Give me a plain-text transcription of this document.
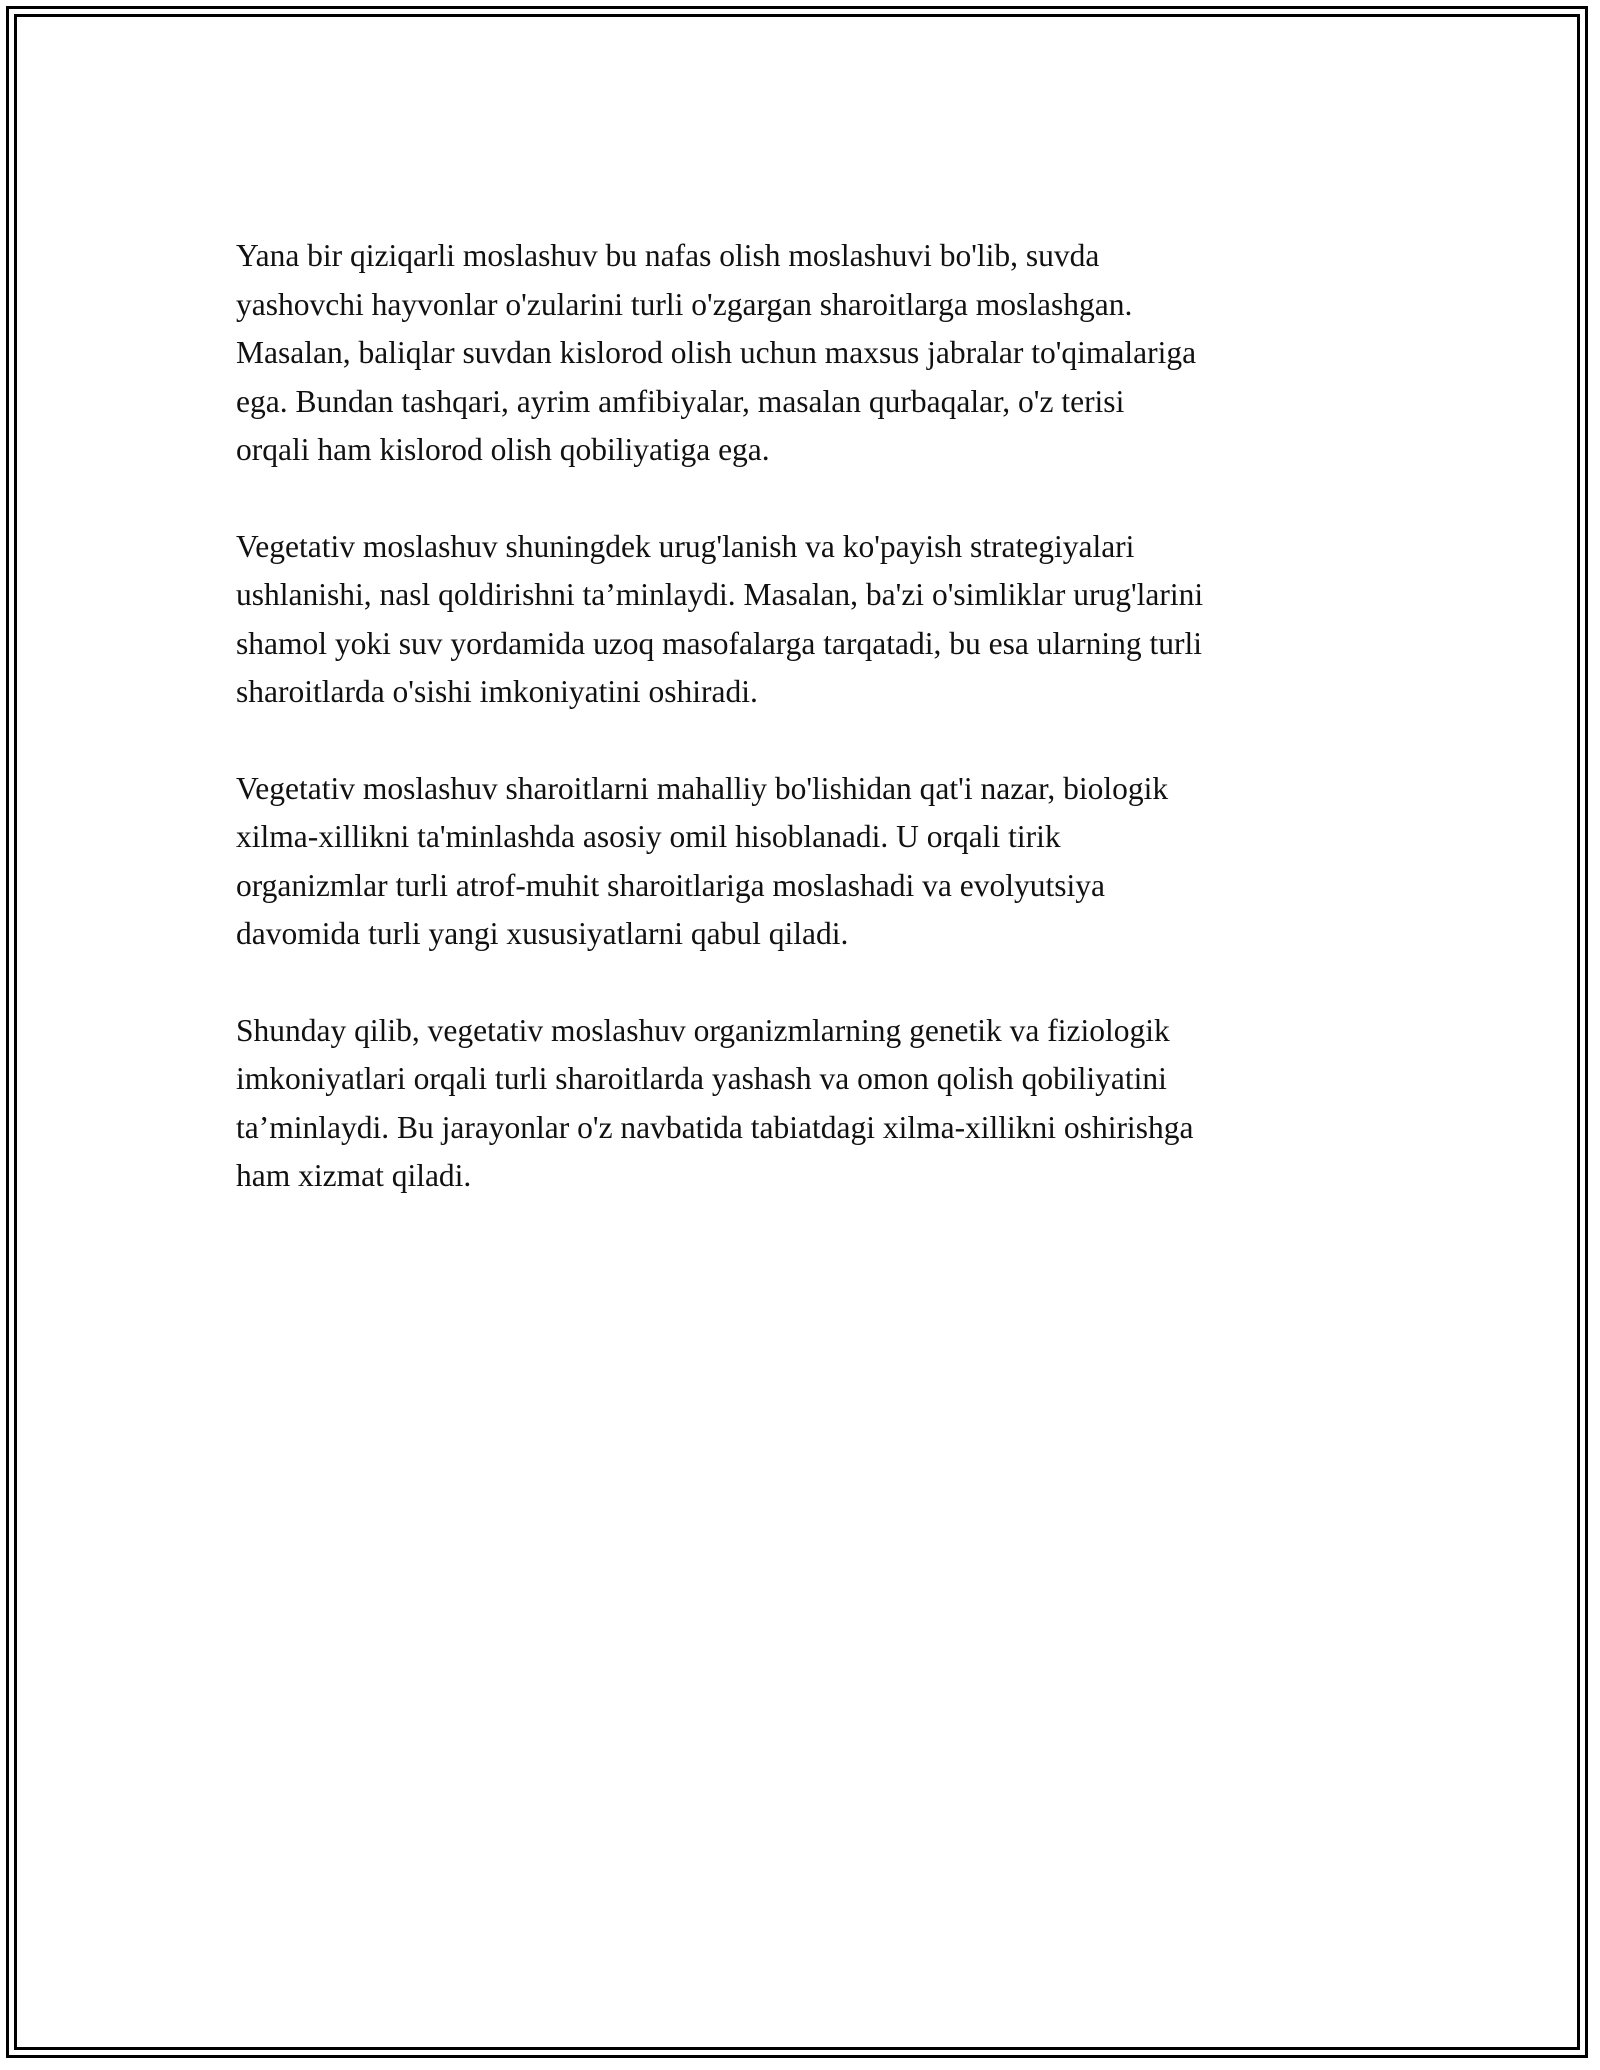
Yana bir qiziqarli moslashuv bu nafas olish moslashuvi bo'lib, suvda
yashovchi hayvonlar o'zularini turli o'zgargan sharoitlarga moslashgan.
Masalan, baliqlar suvdan kislorod olish uchun maxsus jabralar to'qimalariga
ega. Bundan tashqari, ayrim amfibiyalar, masalan qurbaqalar, o'z terisi
orqali ham kislorod olish qobiliyatiga ega.

Vegetativ moslashuv shuningdek urug'lanish va ko'payish strategiyalari
ushlanishi, nasl qoldirishni ta’minlaydi. Masalan, ba'zi o'simliklar urug'larini
shamol yoki suv yordamida uzoq masofalarga tarqatadi, bu esa ularning turli
sharoitlarda o'sishi imkoniyatini oshiradi.

Vegetativ moslashuv sharoitlarni mahalliy bo'lishidan qat'i nazar, biologik
xilma-xillikni ta'minlashda asosiy omil hisoblanadi. U orqali tirik
organizmlar turli atrof-muhit sharoitlariga moslashadi va evolyutsiya
davomida turli yangi xususiyatlarni qabul qiladi.

Shunday qilib, vegetativ moslashuv organizmlarning genetik va fiziologik
imkoniyatlari orqali turli sharoitlarda yashash va omon qolish qobiliyatini
ta’minlaydi. Bu jarayonlar o'z navbatida tabiatdagi xilma-xillikni oshirishga
ham xizmat qiladi.
